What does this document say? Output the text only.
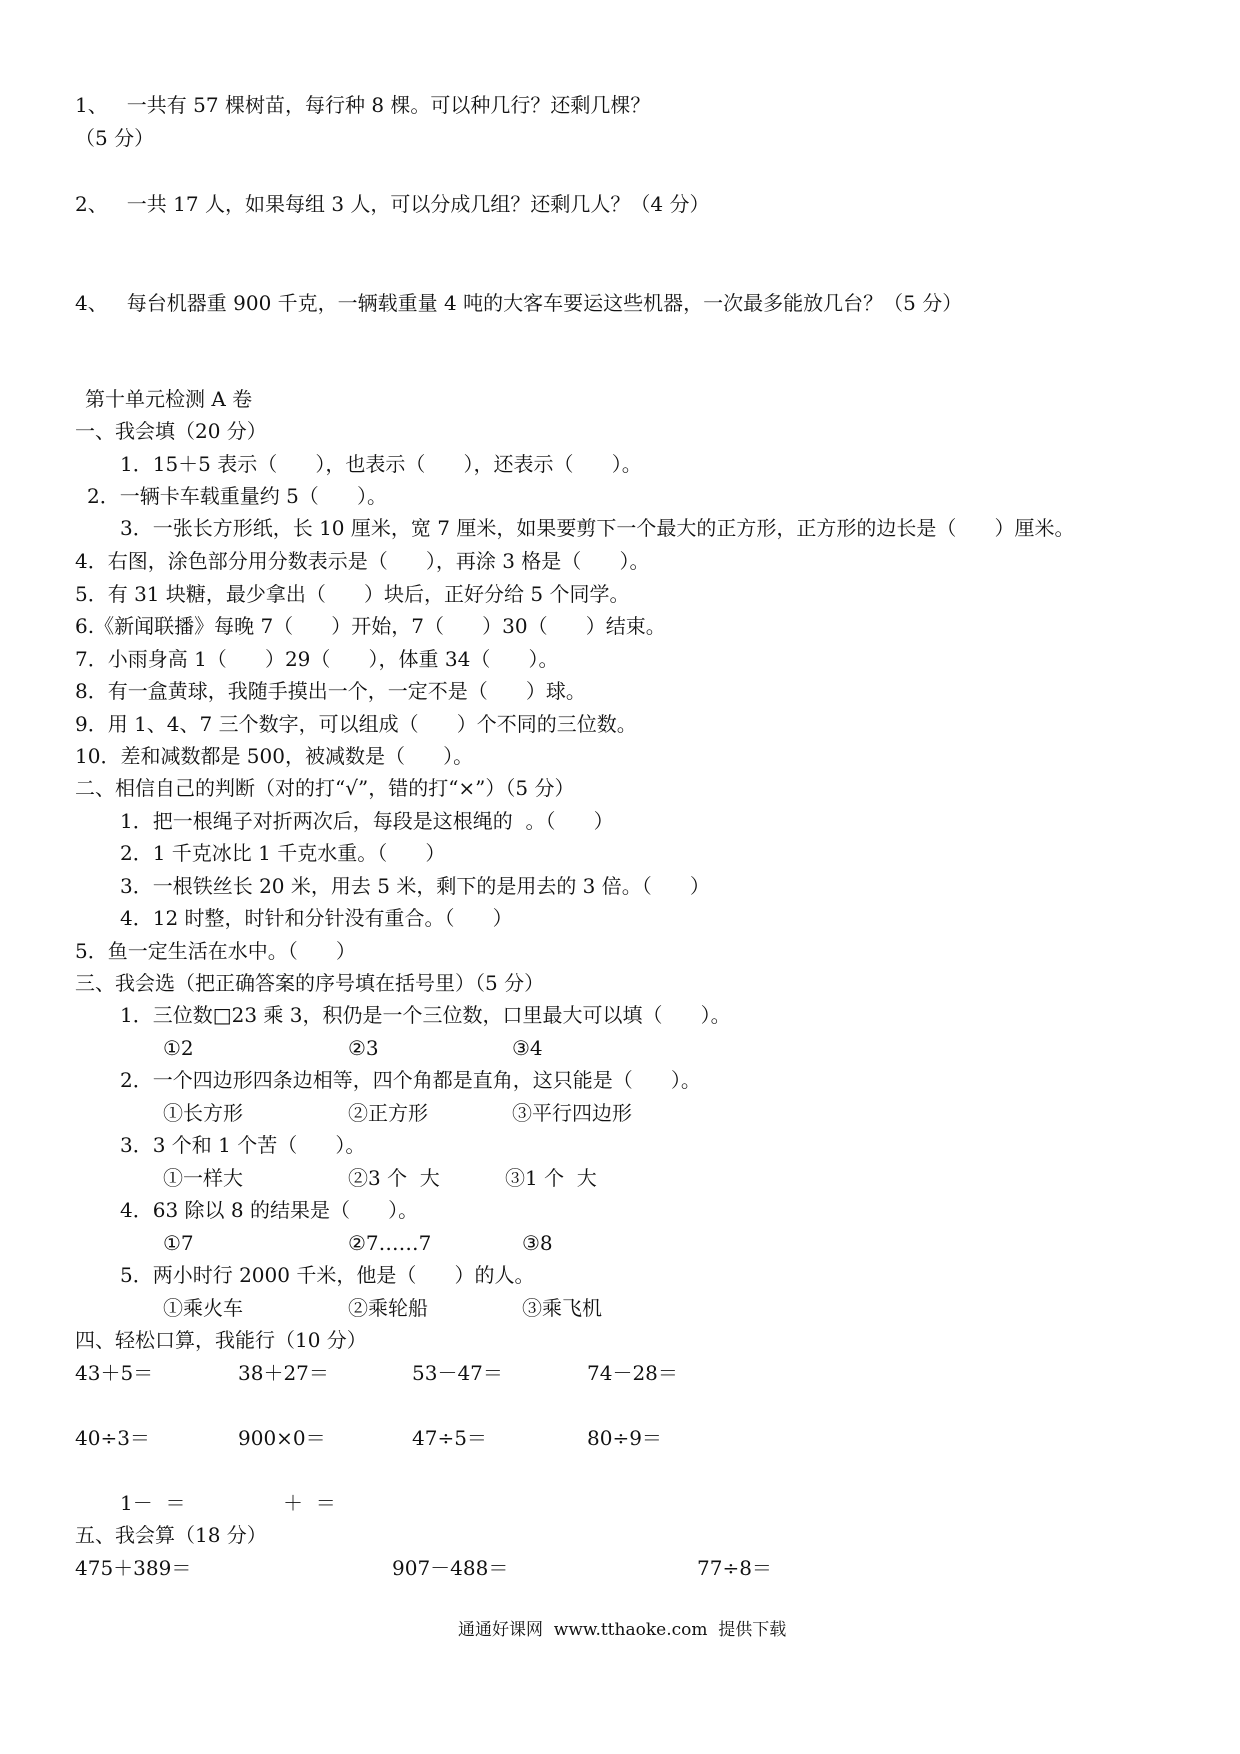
1、   一共有 57 棵树苗，每行种 8 棵。可以种几行？还剩几棵？
（5 分）
2、   一共 17 人，如果每组 3 人，可以分成几组？还剩几人？（4 分）
4、   每台机器重 900 千克，一辆载重量 4 吨的大客车要运这些机器，一次最多能放几台？（5 分）
第十单元检测 A 卷
一、我会填（20 分）
1．15＋5 表示（      ），也表示（      ），还表示（      ）。
2．一辆卡车载重量约 5（      ）。
3．一张长方形纸，长 10 厘米，宽 7 厘米，如果要剪下一个最大的正方形，正方形的边长是（      ）厘米。
4．右图，涂色部分用分数表示是（      ），再涂 3 格是（      ）。
5．有 31 块糖，最少拿出（      ）块后，正好分给 5 个同学。
6.《新闻联播》每晚 7（      ）开始，7（      ）30（      ）结束。
7．小雨身高 1（      ）29（      ），体重 34（      ）。
8．有一盒黄球，我随手摸出一个，一定不是（      ）球。
9．用 1、4、7 三个数字，可以组成（      ）个不同的三位数。
10．差和减数都是 500，被减数是（      ）。
二、相信自己的判断（对的打“√”，错的打“×”）（5 分）
1．把一根绳子对折两次后，每段是这根绳的  。（      ）
2．1 千克冰比 1 千克水重。（      ）
3．一根铁丝长 20 米，用去 5 米，剩下的是用去的 3 倍。（      ）
4．12 时整，时针和分针没有重合。（      ）
5．鱼一定生活在水中。（      ）
三、我会选（把正确答案的序号填在括号里）（5 分）
1．三位数□23 乘 3，积仍是一个三位数，口里最大可以填（      ）。
①2	②3	③4
2．一个四边形四条边相等，四个角都是直角，这只能是（      ）。
①长方形	②正方形	③平行四边形
3．3 个和 1 个苦（      ）。
①一样大	②3 个  大	③1 个  大
4．63 除以 8 的结果是（      ）。
①7	②7……7	③8
5．两小时行 2000 千米，他是（      ）的人。
①乘火车	②乘轮船	③乘飞机
四、轻松口算，我能行（10 分）
43＋5＝	38＋27＝	53－47＝	74－28＝
40÷3＝	900×0＝	47÷5＝	80÷9＝
1－  ＝	＋  ＝
五、我会算（18 分）
475＋389＝	907－488＝	77÷8＝
通通好课网  www.tthaoke.com  提供下载
